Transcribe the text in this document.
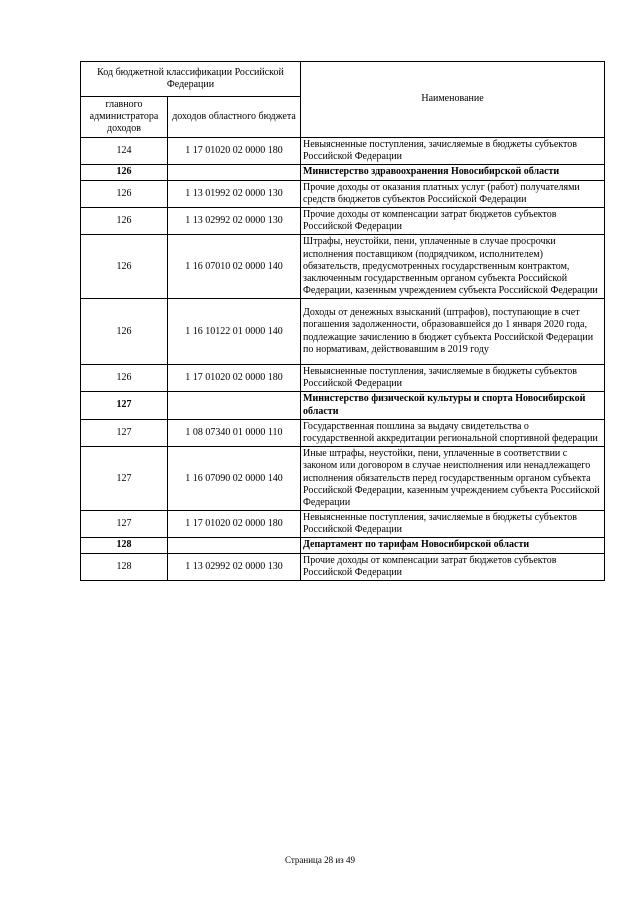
Код бюджетной классификации Российской Федерации		Наименование
главного администратора доходов	доходов областного бюджета	
124	1 17 01020 02 0000 180	Невыясненные поступления, зачисляемые в бюджеты субъектов Российской Федерации
126		Министерство здравоохранения Новосибирской области
126	1 13 01992 02 0000 130	Прочие доходы от оказания платных услуг (работ) получателями средств бюджетов субъектов Российской Федерации
126	1 13 02992 02 0000 130	Прочие доходы от компенсации затрат бюджетов субъектов Российской Федерации
126	1 16 07010 02 0000 140	Штрафы, неустойки, пени, уплаченные в случае просрочки исполнения поставщиком (подрядчиком, исполнителем) обязательств, предусмотренных государственным контрактом, заключенным государственным органом субъекта Российской Федерации, казенным учреждением субъекта Российской Федерации
126	1 16 10122 01 0000 140	Доходы от денежных взысканий (штрафов), поступающие в счет погашения задолженности, образовавшейся до 1 января 2020 года, подлежащие зачислению в бюджет субъекта Российской Федерации по нормативам, действовавшим в 2019 году
126	1 17 01020 02 0000 180	Невыясненные поступления, зачисляемые в бюджеты субъектов Российской Федерации
127		Министерство физической культуры и спорта Новосибирской области
127	1 08 07340 01 0000 110	Государственная пошлина за выдачу свидетельства о государственной аккредитации региональной спортивной федерации
127	1 16 07090 02 0000 140	Иные штрафы, неустойки, пени, уплаченные в соответствии с законом или договором в случае неисполнения или ненадлежащего исполнения обязательств перед государственным органом субъекта Российской Федерации, казенным учреждением субъекта Российской Федерации
127	1 17 01020 02 0000 180	Невыясненные поступления, зачисляемые в бюджеты субъектов Российской Федерации
128		Департамент по тарифам Новосибирской области
128	1 13 02992 02 0000 130	Прочие доходы от компенсации затрат бюджетов субъектов Российской Федерации
Страница 28 из 49
